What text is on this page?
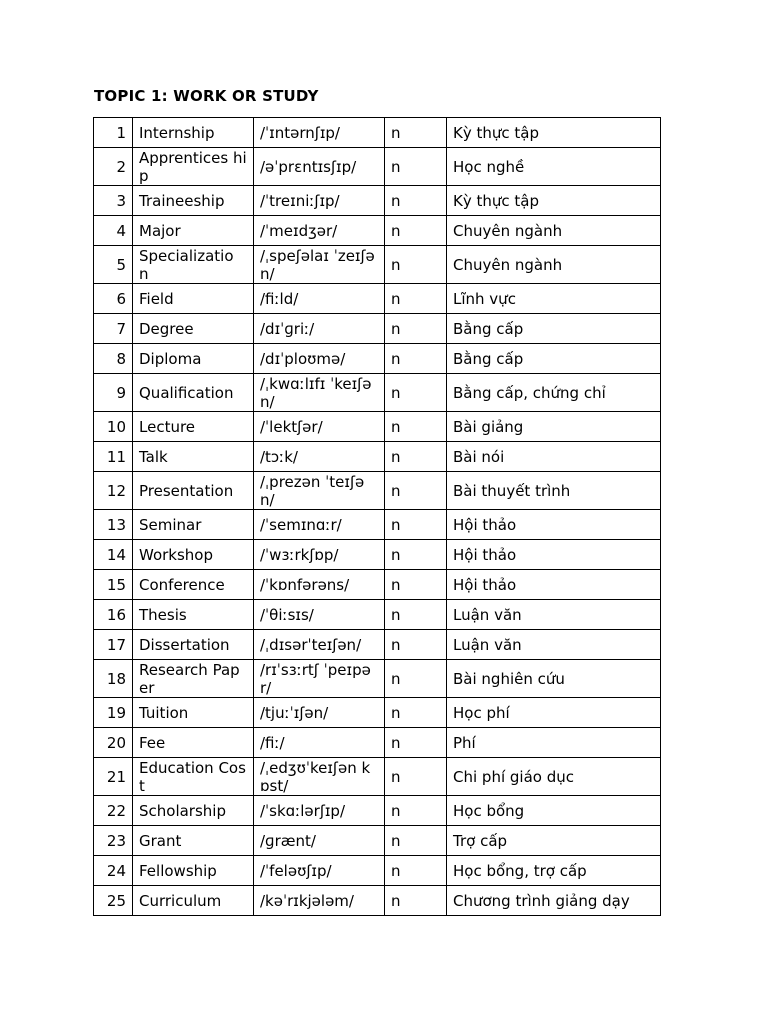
TOPIC 1: WORK OR STUDY
1	Internship	/ˈɪntərnʃɪp/	n	Kỳ thực tập
2	Apprentices hip	/əˈprɛntɪsʃɪp/	n	Học nghề
3	Traineeship	/ˈtreɪniːʃɪp/	n	Kỳ thực tập
4	Major	/ˈmeɪdʒər/	n	Chuyên ngành
5	Specializatio n	/ˌspeʃəlaɪ ˈzeɪʃən/	n	Chuyên ngành
6	Field	/fiːld/	n	Lĩnh vực
7	Degree	/dɪˈɡriː/	n	Bằng cấp
8	Diploma	/dɪˈploʊmə/	n	Bằng cấp
9	Qualification	/ˌkwɑːlɪfɪ ˈkeɪʃən/	n	Bằng cấp, chứng chỉ
10	Lecture	/ˈlektʃər/	n	Bài giảng
11	Talk	/tɔːk/	n	Bài nói
12	Presentation	/ˌprezən ˈteɪʃən/	n	Bài thuyết trình
13	Seminar	/ˈsemɪnɑːr/	n	Hội thảo
14	Workshop	/ˈwɜːrkʃɒp/	n	Hội thảo
15	Conference	/ˈkɒnfərəns/	n	Hội thảo
16	Thesis	/ˈθiːsɪs/	n	Luận văn
17	Dissertation	/ˌdɪsərˈteɪʃən/	n	Luận văn
18	Research Paper	/rɪˈsɜːrtʃ ˈpeɪpər/	n	Bài nghiên cứu
19	Tuition	/tjuːˈɪʃən/	n	Học phí
20	Fee	/fiː/	n	Phí
21	Education Cost	/ˌedʒʊˈkeɪʃən kɒst/	n	Chi phí giáo dục
22	Scholarship	/ˈskɑːlərʃɪp/	n	Học bổng
23	Grant	/ɡrænt/	n	Trợ cấp
24	Fellowship	/ˈfeləʊʃɪp/	n	Học bổng, trợ cấp
25	Curriculum	/kəˈrɪkjələm/	n	Chương trình giảng dạy
